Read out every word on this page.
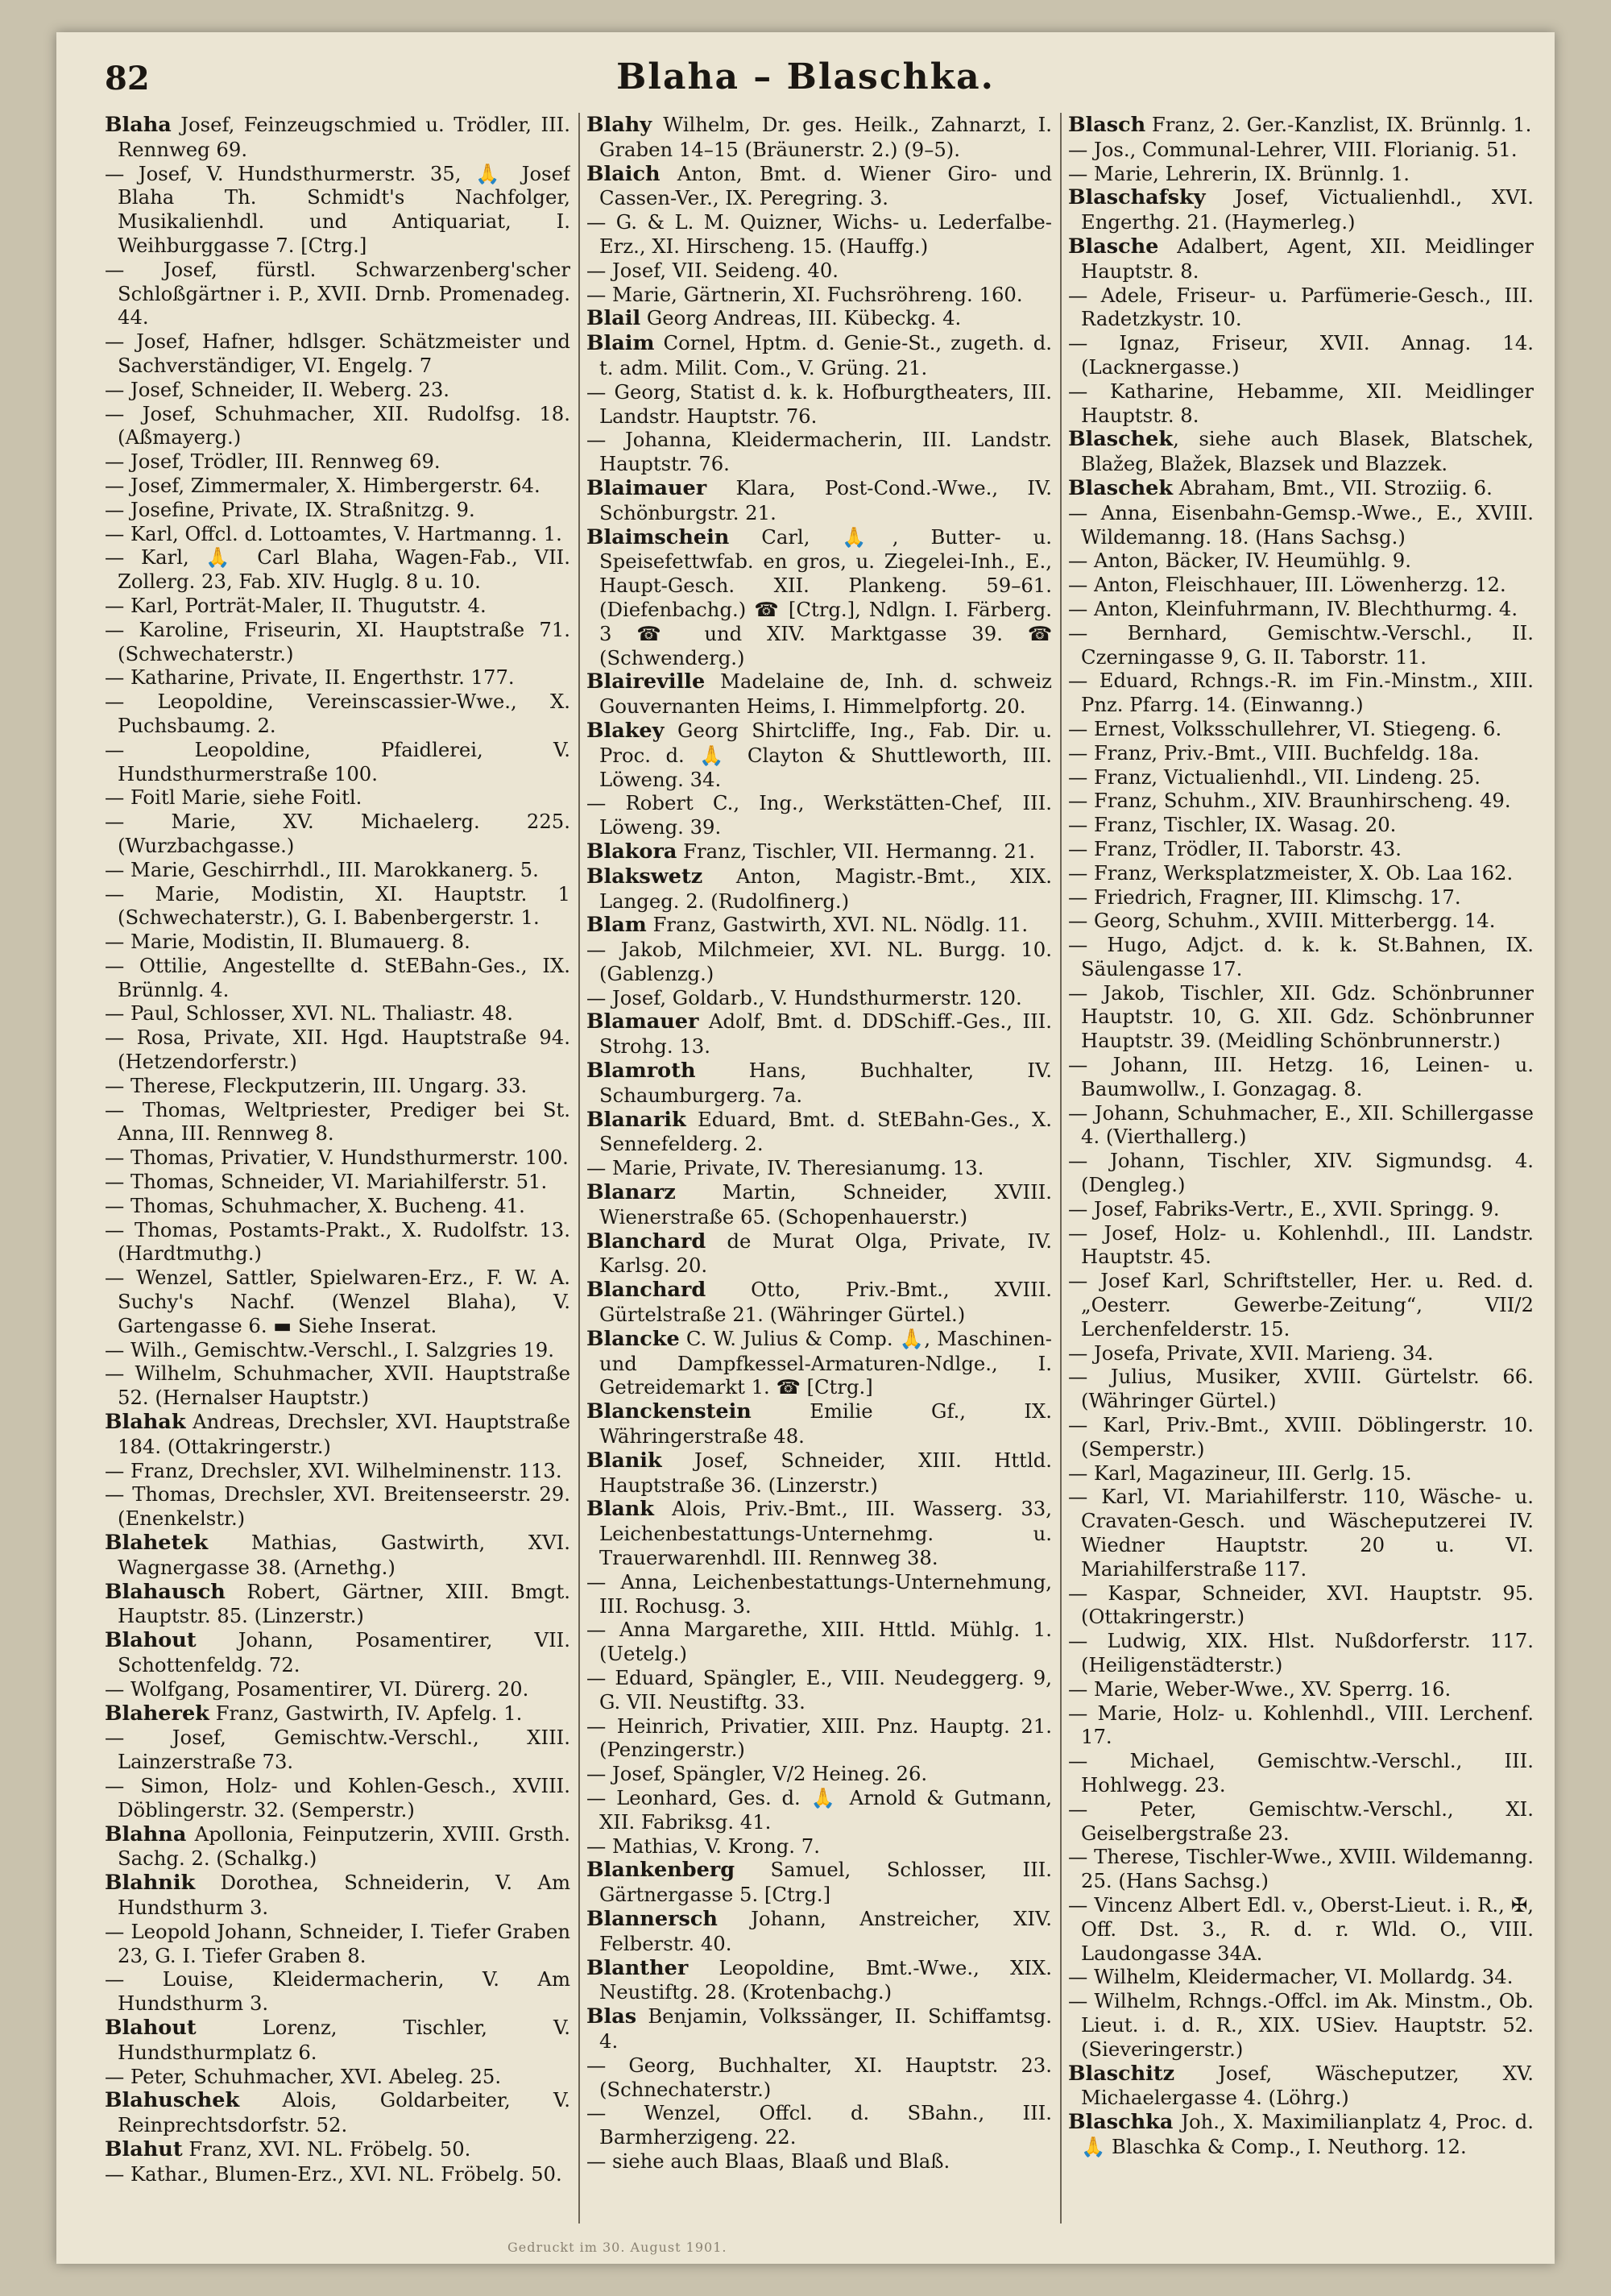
82	Blaha – Blaschka.

Blaha Josef, Feinzeugschmied u. Trödler, III. Rennweg 69.

— Josef, V. Hundsthurmerstr. 35, 🙏 Josef Blaha Th. Schmidt's Nachfolger, Musikalienhdl. und Antiquariat, I. Weihburggasse 7. [Ctrg.]

— Josef, fürstl. Schwarzenberg'scher Schloßgärtner i. P., XVII. Drnb. Promenadeg. 44.

— Josef, Hafner, hdlsger. Schätzmeister und Sachverständiger, VI. Engelg. 7

— Josef, Schneider, II. Weberg. 23.

— Josef, Schuhmacher, XII. Rudolfsg. 18. (Aßmayerg.)

— Josef, Trödler, III. Rennweg 69.

— Josef, Zimmermaler, X. Himbergerstr. 64.

— Josefine, Private, IX. Straßnitzg. 9.

— Karl, Offcl. d. Lottoamtes, V. Hartmanng. 1.

— Karl, 🙏 Carl Blaha, Wagen-Fab., VII. Zollerg. 23, Fab. XIV. Huglg. 8 u. 10.

— Karl, Porträt-Maler, II. Thugutstr. 4.

— Karoline, Friseurin, XI. Hauptstraße 71. (Schwechaterstr.)

— Katharine, Private, II. Engerthstr. 177.

— Leopoldine, Vereinscassier-Wwe., X. Puchsbaumg. 2.

— Leopoldine, Pfaidlerei, V. Hundsthurmerstraße 100.

— Foitl Marie, siehe Foitl.

— Marie, XV. Michaelerg. 225. (Wurzbachgasse.)

— Marie, Geschirrhdl., III. Marokkanerg. 5.

— Marie, Modistin, XI. Hauptstr. 1 (Schwechaterstr.), G. I. Babenbergerstr. 1.

— Marie, Modistin, II. Blumauerg. 8.

— Ottilie, Angestellte d. StEBahn-Ges., IX. Brünnlg. 4.

— Paul, Schlosser, XVI. NL. Thaliastr. 48.

— Rosa, Private, XII. Hgd. Hauptstraße 94. (Hetzendorferstr.)

— Therese, Fleckputzerin, III. Ungarg. 33.

— Thomas, Weltpriester, Prediger bei St. Anna, III. Rennweg 8.

— Thomas, Privatier, V. Hundsthurmerstr. 100.

— Thomas, Schneider, VI. Mariahilferstr. 51.

— Thomas, Schuhmacher, X. Bucheng. 41.

— Thomas, Postamts-Prakt., X. Rudolfstr. 13. (Hardtmuthg.)

— Wenzel, Sattler, Spielwaren-Erz., F. W. A. Suchy's Nachf. (Wenzel Blaha), V. Gartengasse 6. ▬ Siehe Inserat.

— Wilh., Gemischtw.-Verschl., I. Salzgries 19.

— Wilhelm, Schuhmacher, XVII. Hauptstraße 52. (Hernalser Hauptstr.)

Blahak Andreas, Drechsler, XVI. Hauptstraße 184. (Ottakringerstr.)

— Franz, Drechsler, XVI. Wilhelminenstr. 113.

— Thomas, Drechsler, XVI. Breitenseerstr. 29. (Enenkelstr.)

Blahetek Mathias, Gastwirth, XVI. Wagnergasse 38. (Arnethg.)

Blahausch Robert, Gärtner, XIII. Bmgt. Hauptstr. 85. (Linzerstr.)

Blahout Johann, Posamentirer, VII. Schottenfeldg. 72.

— Wolfgang, Posamentirer, VI. Dürerg. 20.

Blaherek Franz, Gastwirth, IV. Apfelg. 1.

— Josef, Gemischtw.-Verschl., XIII. Lainzerstraße 73.

— Simon, Holz- und Kohlen-Gesch., XVIII. Döblingerstr. 32. (Semperstr.)

Blahna Apollonia, Feinputzerin, XVIII. Grsth. Sachg. 2. (Schalkg.)

Blahnik Dorothea, Schneiderin, V. Am Hundsthurm 3.

— Leopold Johann, Schneider, I. Tiefer Graben 23, G. I. Tiefer Graben 8.

— Louise, Kleidermacherin, V. Am Hundsthurm 3.

Blahout Lorenz, Tischler, V. Hundsthurmplatz 6.

— Peter, Schuhmacher, XVI. Abeleg. 25.

Blahuschek Alois, Goldarbeiter, V. Reinprechtsdorfstr. 52.

Blahut Franz, XVI. NL. Fröbelg. 50.

— Kathar., Blumen-Erz., XVI. NL. Fröbelg. 50.

Blahy Wilhelm, Dr. ges. Heilk., Zahnarzt, I. Graben 14–15 (Bräunerstr. 2.) (9–5).

Blaich Anton, Bmt. d. Wiener Giro- und Cassen-Ver., IX. Peregring. 3.

— G. & L. M. Quizner, Wichs- u. Lederfalbe-Erz., XI. Hirscheng. 15. (Hauffg.)

— Josef, VII. Seideng. 40.

— Marie, Gärtnerin, XI. Fuchsröhreng. 160.

Blail Georg Andreas, III. Kübeckg. 4.

Blaim Cornel, Hptm. d. Genie-St., zugeth. d. t. adm. Milit. Com., V. Grüng. 21.

— Georg, Statist d. k. k. Hofburgtheaters, III. Landstr. Hauptstr. 76.

— Johanna, Kleidermacherin, III. Landstr. Hauptstr. 76.

Blaimauer Klara, Post-Cond.-Wwe., IV. Schönburgstr. 21.

Blaimschein Carl, 🙏, Butter- u. Speisefettwfab. en gros, u. Ziegelei-Inh., E., Haupt-Gesch. XII. Plankeng. 59–61. (Diefenbachg.) ☎ [Ctrg.], Ndlgn. I. Färberg. 3 ☎ und XIV. Marktgasse 39. ☎ (Schwenderg.)

Blaireville Madelaine de, Inh. d. schweiz Gouvernanten Heims, I. Himmelpfortg. 20.

Blakey Georg Shirtcliffe, Ing., Fab. Dir. u. Proc. d. 🙏 Clayton & Shuttleworth, III. Löweng. 34.

— Robert C., Ing., Werkstätten-Chef, III. Löweng. 39.

Blakora Franz, Tischler, VII. Hermanng. 21.

Blakswetz Anton, Magistr.-Bmt., XIX. Langeg. 2. (Rudolfinerg.)

Blam Franz, Gastwirth, XVI. NL. Nödlg. 11.

— Jakob, Milchmeier, XVI. NL. Burgg. 10. (Gablenzg.)

— Josef, Goldarb., V. Hundsthurmerstr. 120.

Blamauer Adolf, Bmt. d. DDSchiff.-Ges., III. Strohg. 13.

Blamroth Hans, Buchhalter, IV. Schaumburgerg. 7a.

Blanarik Eduard, Bmt. d. StEBahn-Ges., X. Sennefelderg. 2.

— Marie, Private, IV. Theresianumg. 13.

Blanarz Martin, Schneider, XVIII. Wienerstraße 65. (Schopenhauerstr.)

Blanchard de Murat Olga, Private, IV. Karlsg. 20.

Blanchard Otto, Priv.-Bmt., XVIII. Gürtelstraße 21. (Währinger Gürtel.)

Blancke C. W. Julius & Comp. 🙏, Maschinen- und Dampfkessel-Armaturen-Ndlge., I. Getreidemarkt 1. ☎ [Ctrg.]

Blanckenstein Emilie Gf., IX. Währingerstraße 48.

Blanik Josef, Schneider, XIII. Httld. Hauptstraße 36. (Linzerstr.)

Blank Alois, Priv.-Bmt., III. Wasserg. 33, Leichenbestattungs-Unternehmg. u. Trauerwarenhdl. III. Rennweg 38.

— Anna, Leichenbestattungs-Unternehmung, III. Rochusg. 3.

— Anna Margarethe, XIII. Httld. Mühlg. 1. (Uetelg.)

— Eduard, Spängler, E., VIII. Neudeggerg. 9, G. VII. Neustiftg. 33.

— Heinrich, Privatier, XIII. Pnz. Hauptg. 21. (Penzingerstr.)

— Josef, Spängler, V/2 Heineg. 26.

— Leonhard, Ges. d. 🙏 Arnold & Gutmann, XII. Fabriksg. 41.

— Mathias, V. Krong. 7.

Blankenberg Samuel, Schlosser, III. Gärtnergasse 5. [Ctrg.]

Blannersch Johann, Anstreicher, XIV. Felberstr. 40.

Blanther Leopoldine, Bmt.-Wwe., XIX. Neustiftg. 28. (Krotenbachg.)

Blas Benjamin, Volkssänger, II. Schiffamtsg. 4.

— Georg, Buchhalter, XI. Hauptstr. 23. (Schnechaterstr.)

— Wenzel, Offcl. d. SBahn., III. Barmherzigeng. 22.

— siehe auch Blaas, Blaaß und Blaß.

Blasch Franz, 2. Ger.-Kanzlist, IX. Brünnlg. 1.

— Jos., Communal-Lehrer, VIII. Florianig. 51.

— Marie, Lehrerin, IX. Brünnlg. 1.

Blaschafsky Josef, Victualienhdl., XVI. Engerthg. 21. (Haymerleg.)

Blasche Adalbert, Agent, XII. Meidlinger Hauptstr. 8.

— Adele, Friseur- u. Parfümerie-Gesch., III. Radetzkystr. 10.

— Ignaz, Friseur, XVII. Annag. 14. (Lacknergasse.)

— Katharine, Hebamme, XII. Meidlinger Hauptstr. 8.

Blaschek, siehe auch Blasek, Blatschek, Blažeg, Blažek, Blazsek und Blazzek.

Blaschek Abraham, Bmt., VII. Stroziig. 6.

— Anna, Eisenbahn-Gemsp.-Wwe., E., XVIII. Wildemanng. 18. (Hans Sachsg.)

— Anton, Bäcker, IV. Heumühlg. 9.

— Anton, Fleischhauer, III. Löwenherzg. 12.

— Anton, Kleinfuhrmann, IV. Blechthurmg. 4.

— Bernhard, Gemischtw.-Verschl., II. Czerningasse 9, G. II. Taborstr. 11.

— Eduard, Rchngs.-R. im Fin.-Minstm., XIII. Pnz. Pfarrg. 14. (Einwanng.)

— Ernest, Volksschullehrer, VI. Stiegeng. 6.

— Franz, Priv.-Bmt., VIII. Buchfeldg. 18a.

— Franz, Victualienhdl., VII. Lindeng. 25.

— Franz, Schuhm., XIV. Braunhirscheng. 49.

— Franz, Tischler, IX. Wasag. 20.

— Franz, Trödler, II. Taborstr. 43.

— Franz, Werksplatzmeister, X. Ob. Laa 162.

— Friedrich, Fragner, III. Klimschg. 17.

— Georg, Schuhm., XVIII. Mitterbergg. 14.

— Hugo, Adjct. d. k. k. St.Bahnen, IX. Säulengasse 17.

— Jakob, Tischler, XII. Gdz. Schönbrunner Hauptstr. 10, G. XII. Gdz. Schönbrunner Hauptstr. 39. (Meidling Schönbrunnerstr.)

— Johann, III. Hetzg. 16, Leinen- u. Baumwollw., I. Gonzagag. 8.

— Johann, Schuhmacher, E., XII. Schillergasse 4. (Vierthallerg.)

— Johann, Tischler, XIV. Sigmundsg. 4. (Dengleg.)

— Josef, Fabriks-Vertr., E., XVII. Springg. 9.

— Josef, Holz- u. Kohlenhdl., III. Landstr. Hauptstr. 45.

— Josef Karl, Schriftsteller, Her. u. Red. d. „Oesterr. Gewerbe-Zeitung“, VII/2 Lerchenfelderstr. 15.

— Josefa, Private, XVII. Marieng. 34.

— Julius, Musiker, XVIII. Gürtelstr. 66. (Währinger Gürtel.)

— Karl, Priv.-Bmt., XVIII. Döblingerstr. 10. (Semperstr.)

— Karl, Magazineur, III. Gerlg. 15.

— Karl, VI. Mariahilferstr. 110, Wäsche- u. Cravaten-Gesch. und Wäscheputzerei IV. Wiedner Hauptstr. 20 u. VI. Mariahilferstraße 117.

— Kaspar, Schneider, XVI. Hauptstr. 95. (Ottakringerstr.)

— Ludwig, XIX. Hlst. Nußdorferstr. 117. (Heiligenstädterstr.)

— Marie, Weber-Wwe., XV. Sperrg. 16.

— Marie, Holz- u. Kohlenhdl., VIII. Lerchenf. 17.

— Michael, Gemischtw.-Verschl., III. Hohlwegg. 23.

— Peter, Gemischtw.-Verschl., XI. Geiselbergstraße 23.

— Therese, Tischler-Wwe., XVIII. Wildemanng. 25. (Hans Sachsg.)

— Vincenz Albert Edl. v., Oberst-Lieut. i. R., ✠, Off. Dst. 3., R. d. r. Wld. O., VIII. Laudongasse 34A.

— Wilhelm, Kleidermacher, VI. Mollardg. 34.

— Wilhelm, Rchngs.-Offcl. im Ak. Minstm., Ob. Lieut. i. d. R., XIX. USiev. Hauptstr. 52. (Sieveringerstr.)

Blaschitz Josef, Wäscheputzer, XV. Michaelergasse 4. (Löhrg.)

Blaschka Joh., X. Maximilianplatz 4, Proc. d. 🙏 Blaschka & Comp., I. Neuthorg. 12.

Gedruckt im 30. August 1901.
